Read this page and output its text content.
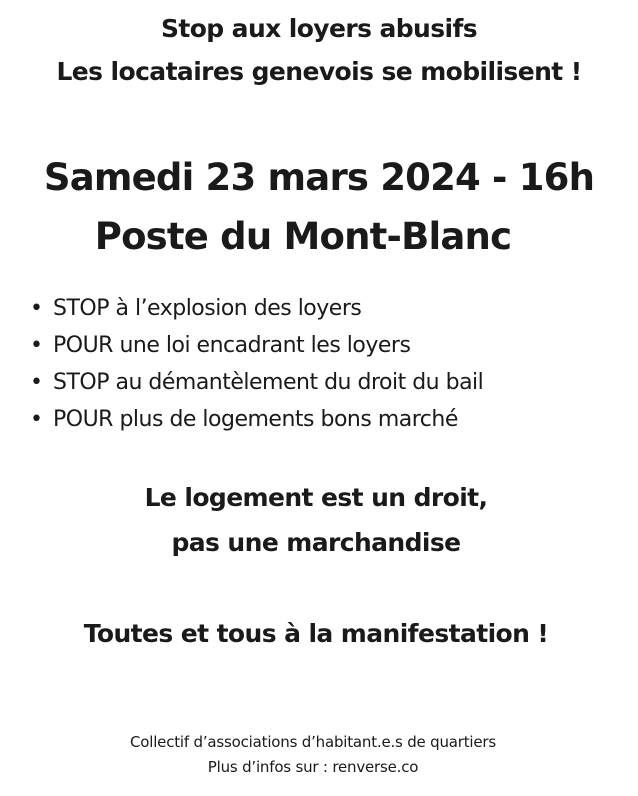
Stop aux loyers abusifs
Les locataires genevois se mobilisent !
Samedi 23 mars 2024 - 16h
Poste du Mont-Blanc
• STOP à l’explosion des loyers
• POUR une loi encadrant les loyers
• STOP au démantèlement du droit du bail
• POUR plus de logements bons marché
Le logement est un droit,
pas une marchandise
Toutes et tous à la manifestation !
Collectif d’associations d’habitant.e.s de quartiers
Plus d’infos sur : renverse.co
